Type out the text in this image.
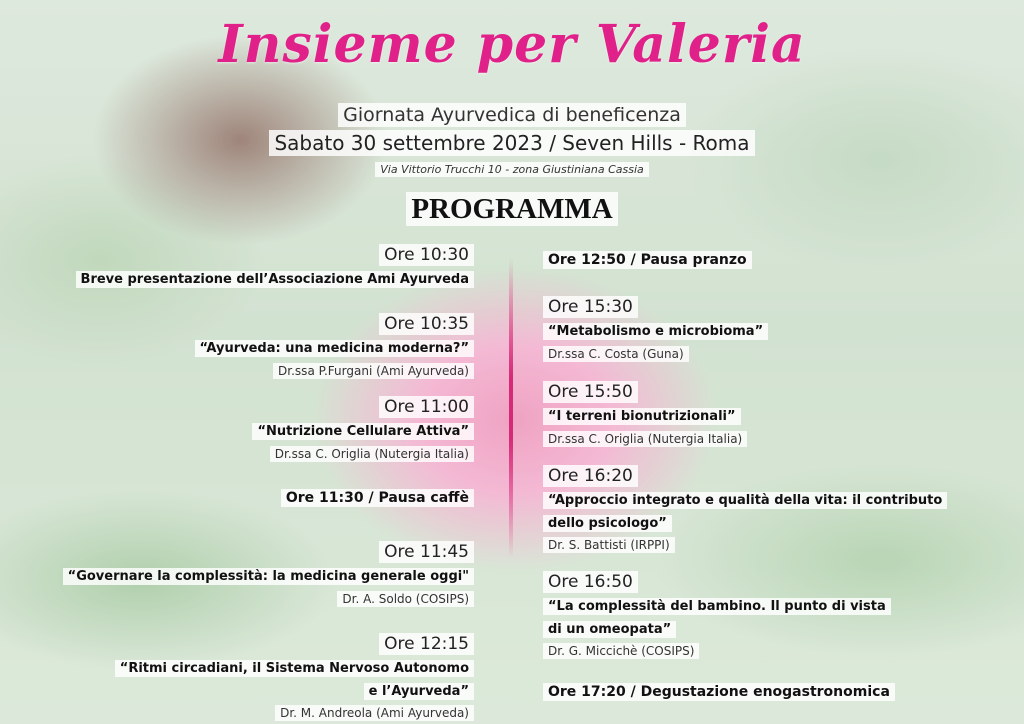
Insieme per Valeria
Giornata Ayurvedica di beneficenza
Sabato 30 settembre 2023 / Seven Hills - Roma
Via Vittorio Trucchi 10 - zona Giustiniana Cassia
PROGRAMMA
Ore 10:30
Breve presentazione dell’Associazione Ami Ayurveda
Ore 10:35
“Ayurveda: una medicina moderna?”
Dr.ssa P.Furgani (Ami Ayurveda)
Ore 11:00
“Nutrizione Cellulare Attiva”
Dr.ssa C. Origlia (Nutergia Italia)
Ore 11:30 / Pausa caffè
Ore 11:45
“Governare la complessità: la medicina generale oggi"
Dr. A. Soldo (COSIPS)
Ore 12:15
“Ritmi circadiani, il Sistema Nervoso Autonomo
e l’Ayurveda”
Dr. M. Andreola (Ami Ayurveda)
Ore 12:50 / Pausa pranzo
Ore 15:30
“Metabolismo e microbioma”
Dr.ssa C. Costa (Guna)
Ore 15:50
“I terreni bionutrizionali”
Dr.ssa C. Origlia (Nutergia Italia)
Ore 16:20
“Approccio integrato e qualità della vita: il contributo
dello psicologo”
Dr. S. Battisti (IRPPI)
Ore 16:50
“La complessità del bambino. Il punto di vista
di un omeopata”
Dr. G. Miccichè (COSIPS)
Ore 17:20 / Degustazione enogastronomica
